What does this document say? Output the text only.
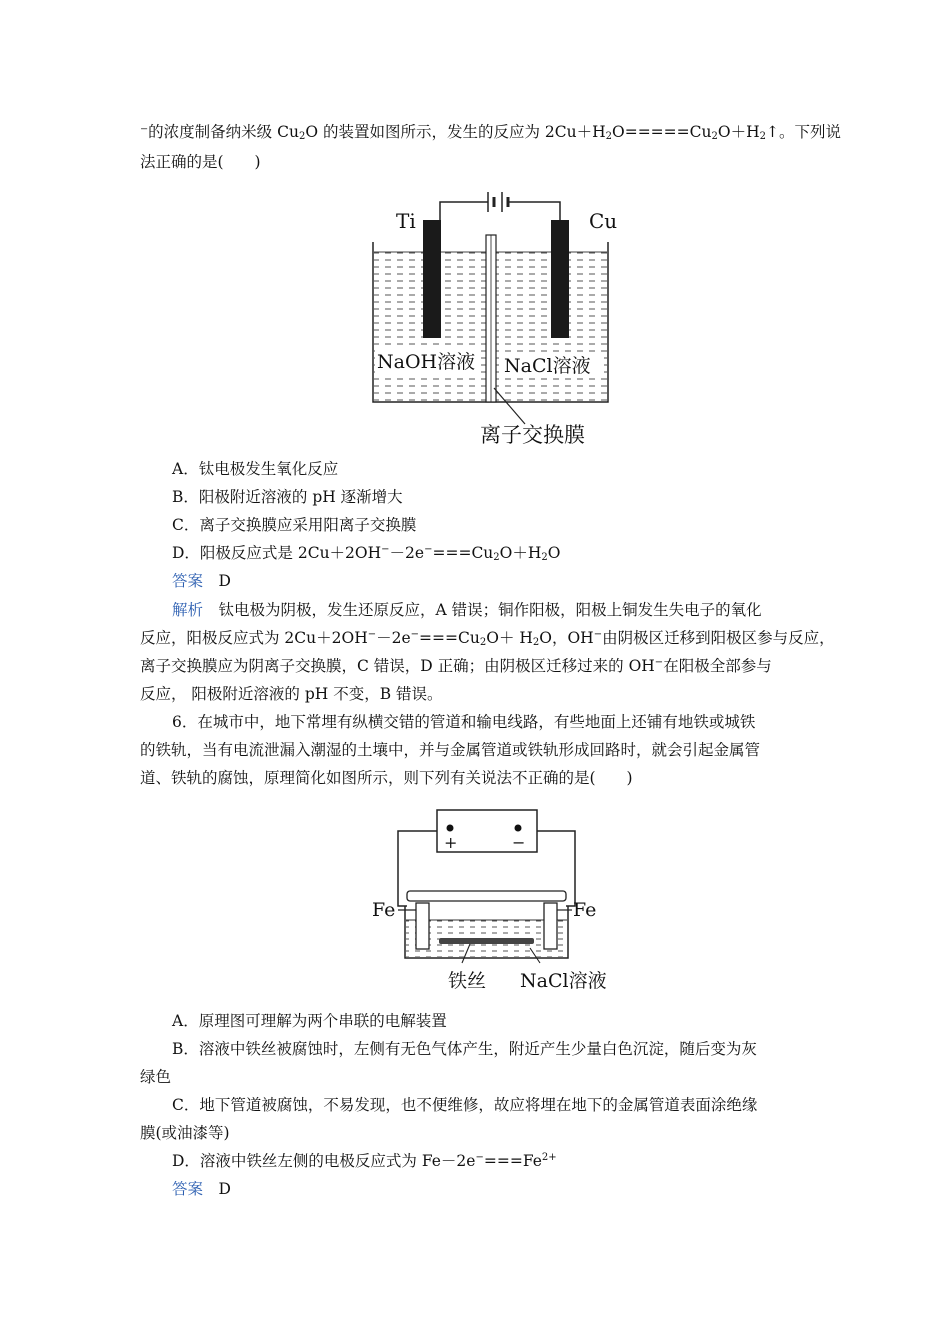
⁻的浓度制备纳米级 $Cu_2O$ 的装置如图所示，发生的反应为 $2Cu+H_2O=====Cu_2O+H_2↑$。下列说
法正确的是(　　)
Ti	Cu
NaOH溶液 NaCl溶液
离子交换膜
A．钛电极发生氧化反应
B．阳极附近溶液的 pH 逐渐增大
C．离子交换膜应采用阳离子交换膜
D．阳极反应式是 $2Cu+2OH^--2e^-===Cu_2O+H_2O$
答案　 D
解析　 钛电极为阴极，发生还原反应，A 错误；铜作阳极，阳极上铜发生失电子的氧化
反应，阳极反应式为 $2Cu+2OH^--2e^-===Cu_2O+ H_2O$，OH−由阴极区迁移到阳极区参与反应，
离子交换膜应为阴离子交换膜，C 错误，D 正确；由阴极区迁移过来的 OH−在阳极全部参与
反应， 阳极附近溶液的 pH 不变，B 错误。
6．在城市中，地下常埋有纵横交错的管道和输电线路，有些地面上还铺有地铁或城铁
的铁轨，当有电流泄漏入潮湿的土壤中，并与金属管道或铁轨形成回路时，就会引起金属管
道、铁轨的腐蚀，原理简化如图所示，则下列有关说法不正确的是(　　)
+	−
Fe	Fe
铁丝 NaCl溶液
A．原理图可理解为两个串联的电解装置
B．溶液中铁丝被腐蚀时，左侧有无色气体产生，附近产生少量白色沉淀，随后变为灰
绿色
C．地下管道被腐蚀，不易发现，也不便维修，故应将埋在地下的金属管道表面涂绝缘
膜(或油漆等)
D．溶液中铁丝左侧的电极反应式为 $Fe-2e^-===Fe^{2+}$
答案　 D
